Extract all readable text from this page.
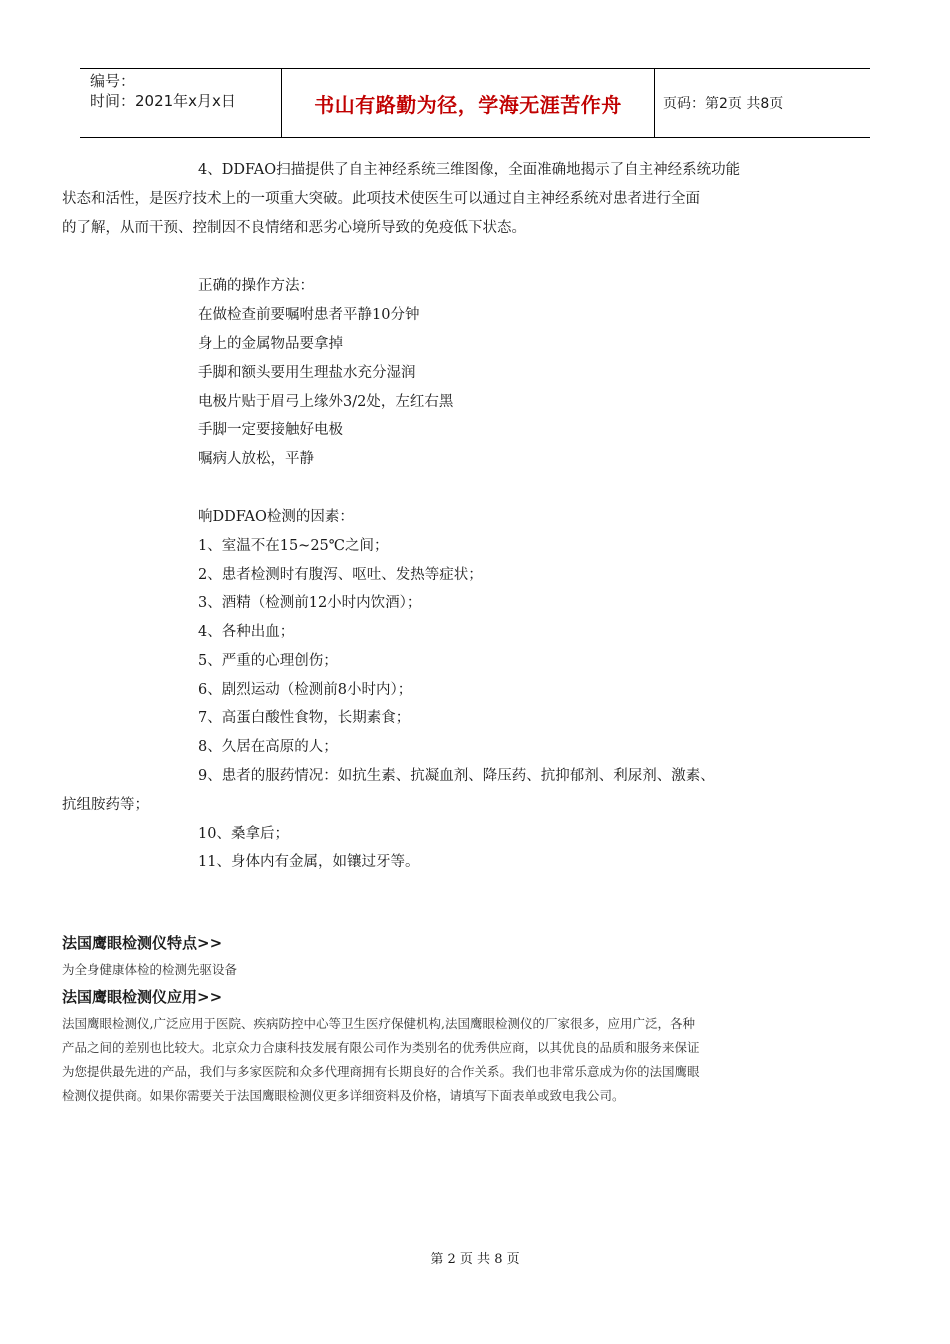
编号：
时间：2021年x月x日	书山有路勤为径，学海无涯苦作舟	页码：第2页 共8页
4、DDFAO扫描提供了自主神经系统三维图像，全面准确地揭示了自主神经系统功能
状态和活性，是医疗技术上的一项重大突破。此项技术使医生可以通过自主神经系统对患者进行全面
的了解，从而干预、控制因不良情绪和恶劣心境所导致的免疫低下状态。
正确的操作方法：
在做检查前要嘱咐患者平静10分钟
身上的金属物品要拿掉
手脚和额头要用生理盐水充分湿润
电极片贴于眉弓上缘外3/2处，左红右黑
手脚一定要接触好电极
嘱病人放松，平静
响DDFAO检测的因素：
1、室温不在15~25℃之间；
2、患者检测时有腹泻、呕吐、发热等症状；
3、酒精（检测前12小时内饮酒）；
4、各种出血；
5、严重的心理创伤；
6、剧烈运动（检测前8小时内）；
7、高蛋白酸性食物，长期素食；
8、久居在高原的人；
9、患者的服药情况：如抗生素、抗凝血剂、降压药、抗抑郁剂、利尿剂、激素、
抗组胺药等；
10、桑拿后；
11、身体内有金属，如镶过牙等。
法国鹰眼检测仪特点>>
为全身健康体检的检测先驱设备
法国鹰眼检测仪应用>>
法国鹰眼检测仪,广泛应用于医院、疾病防控中心等卫生医疗保健机构,法国鹰眼检测仪的厂家很多，应用广泛，各种
产品之间的差别也比较大。北京众力合康科技发展有限公司作为类别名的优秀供应商，以其优良的品质和服务来保证
为您提供最先进的产品，我们与多家医院和众多代理商拥有长期良好的合作关系。我们也非常乐意成为你的法国鹰眼
检测仪提供商。如果你需要关于法国鹰眼检测仪更多详细资料及价格，请填写下面表单或致电我公司。
第 2 页 共 8 页
